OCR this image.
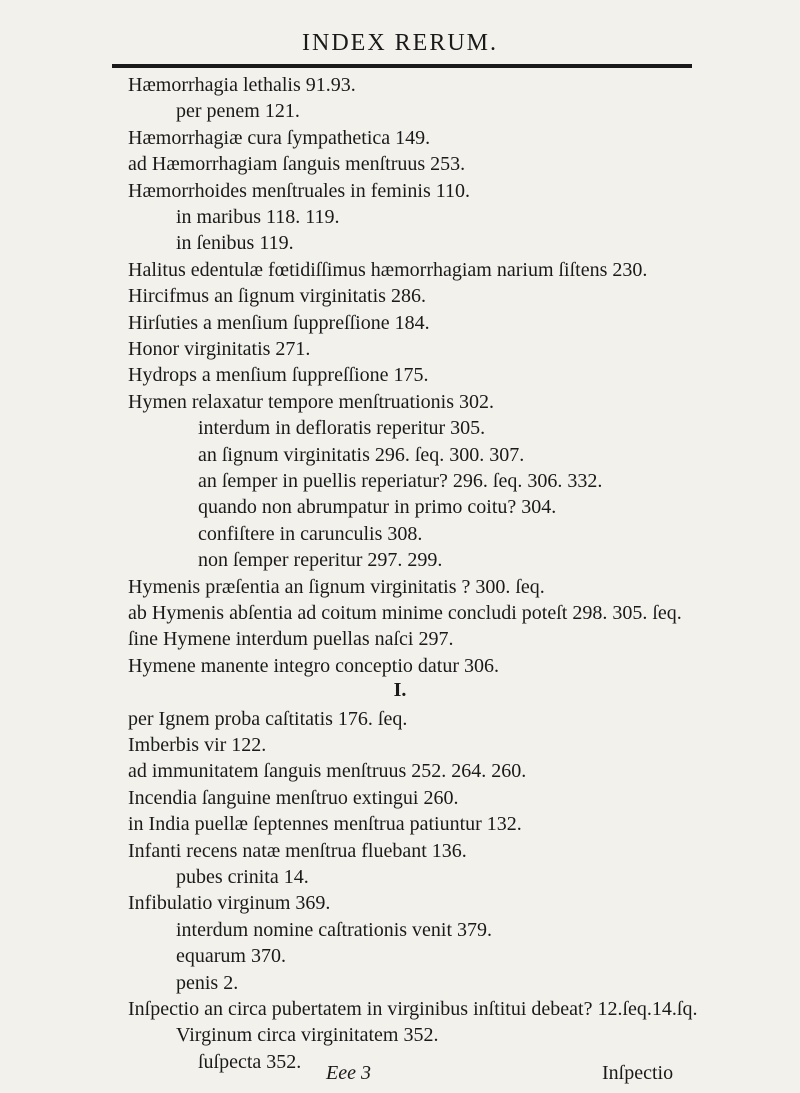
INDEX RERUM.
Hæmorrhagia lethalis 91.93.
per penem 121.
Hæmorrhagiæ cura ſympathetica 149.
ad Hæmorrhagiam ſanguis menſtruus 253.
Hæmorrhoides menſtruales in feminis 110.
in maribus 118. 119.
in ſenibus 119.
Halitus edentulæ fœtidiſſimus hæmorrhagiam narium ſiſtens 230.
Hircifmus an ſignum virginitatis 286.
Hirſuties a menſium ſuppreſſione 184.
Honor virginitatis 271.
Hydrops a menſium ſuppreſſione 175.
Hymen relaxatur tempore menſtruationis 302.
interdum in defloratis reperitur 305.
an ſignum virginitatis 296. ſeq. 300. 307.
an ſemper in puellis reperiatur? 296. ſeq. 306. 332.
quando non abrumpatur in primo coitu? 304.
confiſtere in carunculis 308.
non ſemper reperitur 297. 299.
Hymenis præſentia an ſignum virginitatis ? 300. ſeq.
ab Hymenis abſentia ad coitum minime concludi poteſt 298. 305. ſeq.
ſine Hymene interdum puellas naſci 297.
Hymene manente integro conceptio datur 306.
I.
per Ignem proba caſtitatis 176. ſeq.
Imberbis vir 122.
ad immunitatem ſanguis menſtruus 252. 264. 260.
Incendia ſanguine menſtruo extingui 260.
in India puellæ ſeptennes menſtrua patiuntur 132.
Infanti recens natæ menſtrua fluebant 136.
pubes crinita 14.
Infibulatio virginum 369.
interdum nomine caſtrationis venit 379.
equarum 370.
penis 2.
Inſpectio an circa pubertatem in virginibus inſtitui debeat? 12.ſeq.14.ſq.
Virginum circa virginitatem 352.
ſuſpecta 352.
Eee 3	Inſpectio
